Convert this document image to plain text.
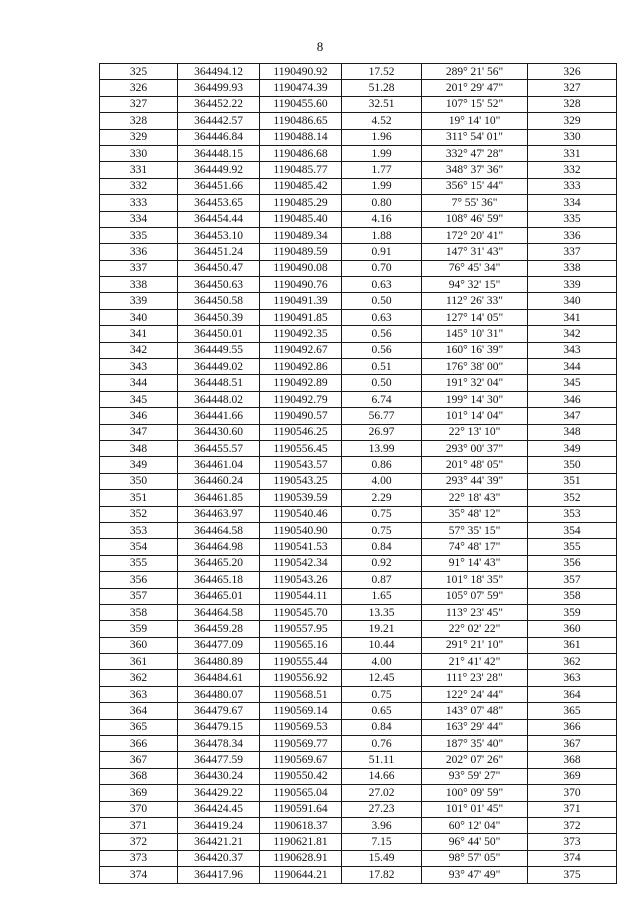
8
325	364494.12	1190490.92	17.52	289° 21' 56"	326
326	364499.93	1190474.39	51.28	201° 29' 47"	327
327	364452.22	1190455.60	32.51	107° 15' 52"	328
328	364442.57	1190486.65	4.52	19° 14' 10"	329
329	364446.84	1190488.14	1.96	311° 54' 01"	330
330	364448.15	1190486.68	1.99	332° 47' 28"	331
331	364449.92	1190485.77	1.77	348° 37' 36"	332
332	364451.66	1190485.42	1.99	356° 15' 44"	333
333	364453.65	1190485.29	0.80	7° 55' 36"	334
334	364454.44	1190485.40	4.16	108° 46' 59"	335
335	364453.10	1190489.34	1.88	172° 20' 41"	336
336	364451.24	1190489.59	0.91	147° 31' 43"	337
337	364450.47	1190490.08	0.70	76° 45' 34"	338
338	364450.63	1190490.76	0.63	94° 32' 15"	339
339	364450.58	1190491.39	0.50	112° 26' 33"	340
340	364450.39	1190491.85	0.63	127° 14' 05"	341
341	364450.01	1190492.35	0.56	145° 10' 31"	342
342	364449.55	1190492.67	0.56	160° 16' 39"	343
343	364449.02	1190492.86	0.51	176° 38' 00"	344
344	364448.51	1190492.89	0.50	191° 32' 04"	345
345	364448.02	1190492.79	6.74	199° 14' 30"	346
346	364441.66	1190490.57	56.77	101° 14' 04"	347
347	364430.60	1190546.25	26.97	22° 13' 10"	348
348	364455.57	1190556.45	13.99	293° 00' 37"	349
349	364461.04	1190543.57	0.86	201° 48' 05"	350
350	364460.24	1190543.25	4.00	293° 44' 39"	351
351	364461.85	1190539.59	2.29	22° 18' 43"	352
352	364463.97	1190540.46	0.75	35° 48' 12"	353
353	364464.58	1190540.90	0.75	57° 35' 15"	354
354	364464.98	1190541.53	0.84	74° 48' 17"	355
355	364465.20	1190542.34	0.92	91° 14' 43"	356
356	364465.18	1190543.26	0.87	101° 18' 35"	357
357	364465.01	1190544.11	1.65	105° 07' 59"	358
358	364464.58	1190545.70	13.35	113° 23' 45"	359
359	364459.28	1190557.95	19.21	22° 02' 22"	360
360	364477.09	1190565.16	10.44	291° 21' 10"	361
361	364480.89	1190555.44	4.00	21° 41' 42"	362
362	364484.61	1190556.92	12.45	111° 23' 28"	363
363	364480.07	1190568.51	0.75	122° 24' 44"	364
364	364479.67	1190569.14	0.65	143° 07' 48"	365
365	364479.15	1190569.53	0.84	163° 29' 44"	366
366	364478.34	1190569.77	0.76	187° 35' 40"	367
367	364477.59	1190569.67	51.11	202° 07' 26"	368
368	364430.24	1190550.42	14.66	93° 59' 27"	369
369	364429.22	1190565.04	27.02	100° 09' 59"	370
370	364424.45	1190591.64	27.23	101° 01' 45"	371
371	364419.24	1190618.37	3.96	60° 12' 04"	372
372	364421.21	1190621.81	7.15	96° 44' 50"	373
373	364420.37	1190628.91	15.49	98° 57' 05"	374
374	364417.96	1190644.21	17.82	93° 47' 49"	375
